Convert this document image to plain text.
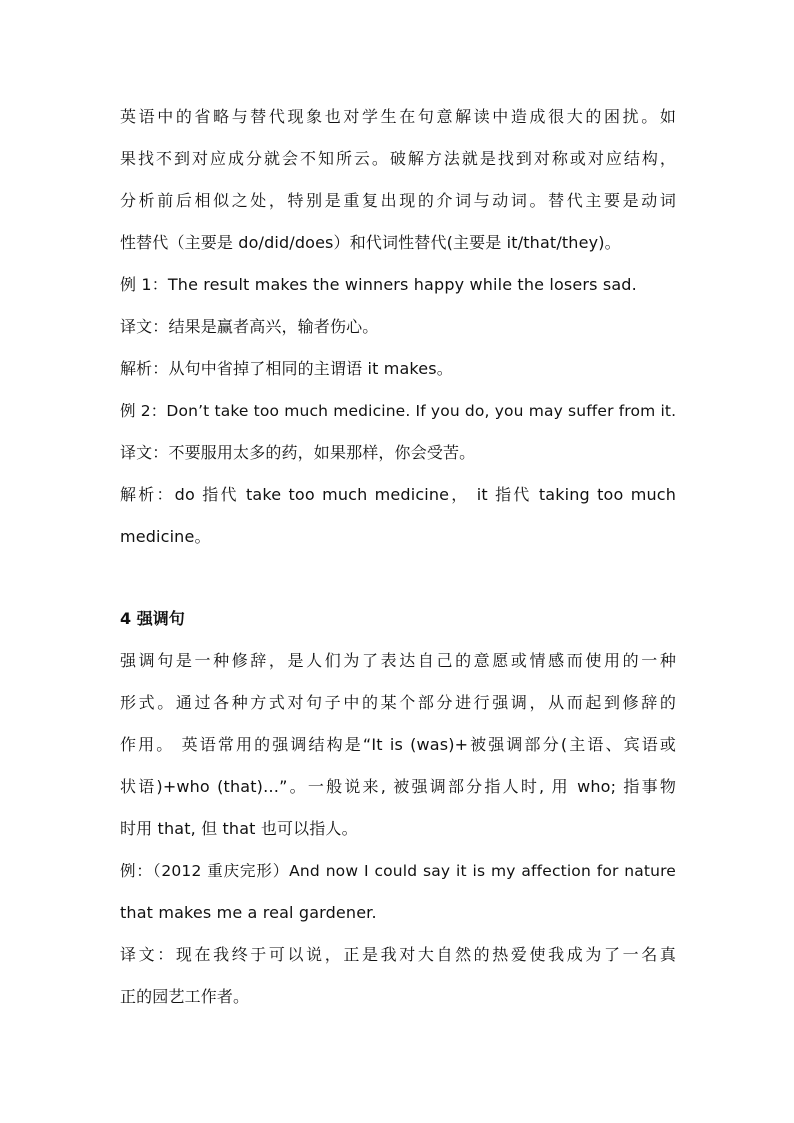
英语中的省略与替代现象也对学生在句意解读中造成很大的困扰。如
果找不到对应成分就会不知所云。破解方法就是找到对称或对应结构，
分析前后相似之处，特别是重复出现的介词与动词。替代主要是动词
性替代（主要是 do/did/does）和代词性替代(主要是 it/that/they)。
例 1：The result makes the winners happy while the losers sad.
译文：结果是赢者高兴，输者伤心。
解析：从句中省掉了相同的主谓语 it makes。
例 2：Don’t take too much medicine. If you do, you may suffer from it.
译文：不要服用太多的药，如果那样，你会受苦。
解析：do 指代 take too much medicine， it 指代 taking too much
medicine。
4 强调句
强调句是一种修辞，是人们为了表达自己的意愿或情感而使用的一种
形式。通过各种方式对句子中的某个部分进行强调，从而起到修辞的
作用。 英语常用的强调结构是“It is (was)+被强调部分(主语、宾语或
状语)+who (that)…”。一般说来, 被强调部分指人时, 用 who; 指事物
时用 that, 但 that 也可以指人。
例：（2012 重庆完形）And now I could say it is my affection for nature
that makes me a real gardener.
译文：现在我终于可以说，正是我对大自然的热爱使我成为了一名真
正的园艺工作者。
